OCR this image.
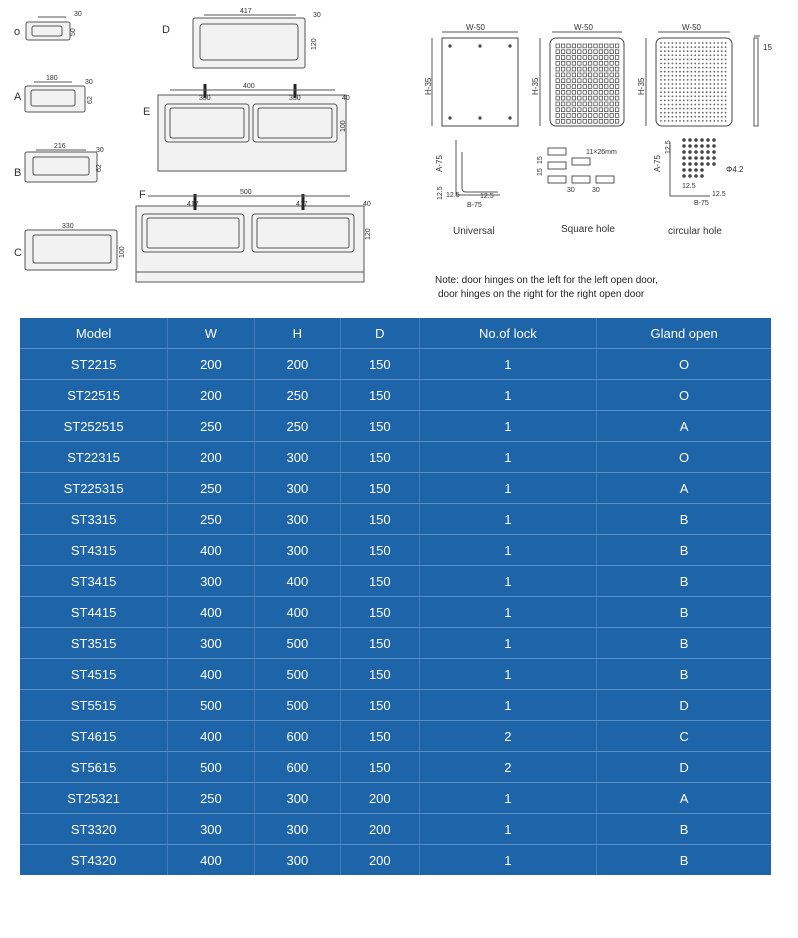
o
30
50
A
180
30
62
B
216
30
62
C
330
100
D
417
30
120
E
400
330	330	40
100
F	500
417	417	40
120
W-50
H-35
A-75
12.5 12.5	12.5
B-75
Universal
W-50
H-35
11×26mm
15
15
30 30
Square hole
W-50
H-35
A-75	Φ4.2
12.5
12.5
12.5
B-75
circular hole
15
Note: door hinges on the left for the left open door,
door hinges on the right for the right open door
Model	W	H	D	No.of lock	Gland open
ST2215	200	200	150	1	O
ST22515	200	250	150	1	O
ST252515	250	250	150	1	A
ST22315	200	300	150	1	O
ST225315	250	300	150	1	A
ST3315	250	300	150	1	B
ST4315	400	300	150	1	B
ST3415	300	400	150	1	B
ST4415	400	400	150	1	B
ST3515	300	500	150	1	B
ST4515	400	500	150	1	B
ST5515	500	500	150	1	D
ST4615	400	600	150	2	C
ST5615	500	600	150	2	D
ST25321	250	300	200	1	A
ST3320	300	300	200	1	B
ST4320	400	300	200	1	B
